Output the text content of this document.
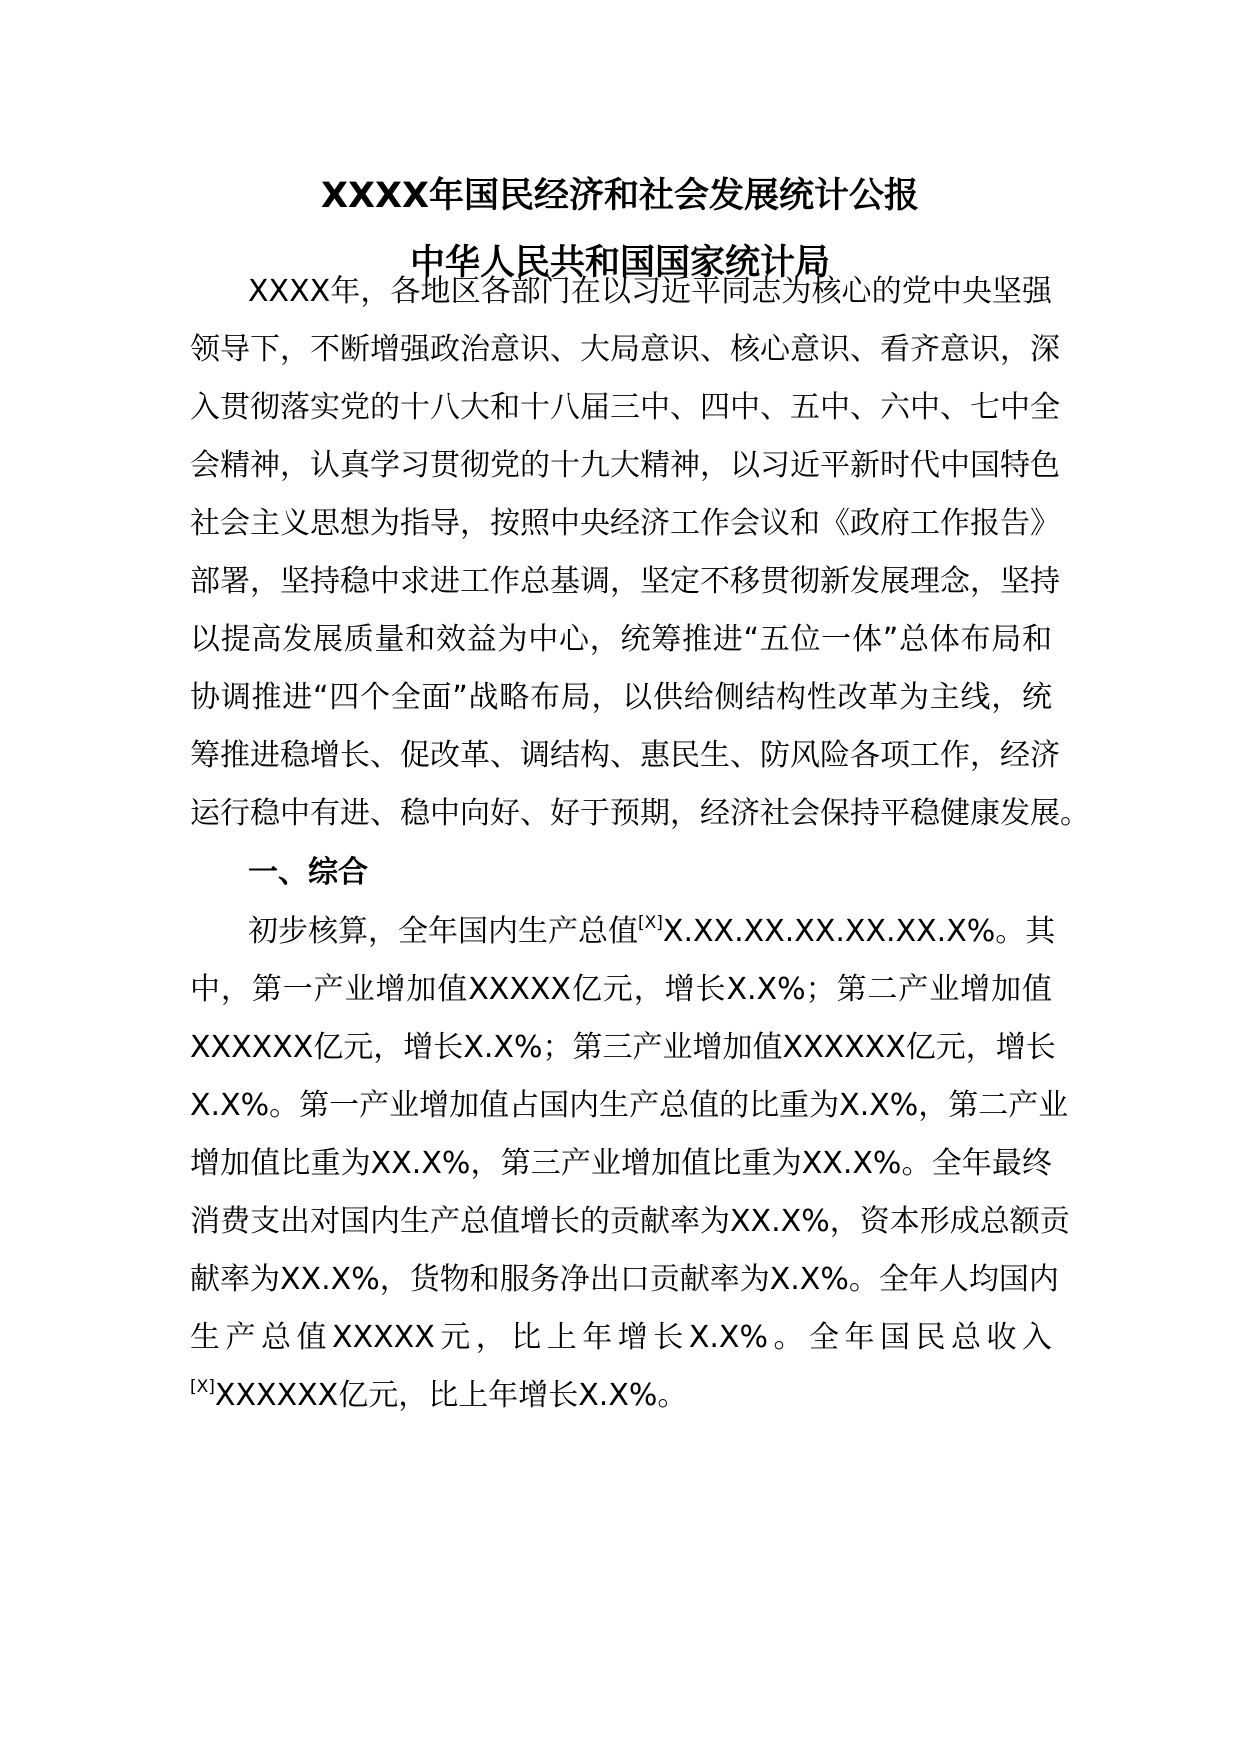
XXXX年国民经济和社会发展统计公报
中华人民共和国国家统计局
XXXX年，各地区各部门在以习近平同志为核心的党中央坚强
领导下，不断增强政治意识、大局意识、核心意识、看齐意识，深
入贯彻落实党的十八大和十八届三中、四中、五中、六中、七中全
会精神，认真学习贯彻党的十九大精神，以习近平新时代中国特色
社会主义思想为指导，按照中央经济工作会议和《政府工作报告》
部署，坚持稳中求进工作总基调，坚定不移贯彻新发展理念，坚持
以提高发展质量和效益为中心，统筹推进“五位一体”总体布局和
协调推进“四个全面”战略布局，以供给侧结构性改革为主线，统
筹推进稳增长、促改革、调结构、惠民生、防风险各项工作，经济
运行稳中有进、稳中向好、好于预期，经济社会保持平稳健康发展。
一、综合
初步核算，全年国内生产总值[X]X.XX.XX.XX.XX.XX.X%。其
中，第一产业增加值XXXXX亿元，增长X.X%；第二产业增加值
XXXXXX亿元，增长X.X%；第三产业增加值XXXXXX亿元，增长
X.X%。第一产业增加值占国内生产总值的比重为X.X%，第二产业
增加值比重为XX.X%，第三产业增加值比重为XX.X%。全年最终
消费支出对国内生产总值增长的贡献率为XX.X%，资本形成总额贡
献率为XX.X%，货物和服务净出口贡献率为X.X%。全年人均国内
生产总值XXXXX元，比上年增长X.X%。全年国民总收入
[X]XXXXXX亿元，比上年增长X.X%。
